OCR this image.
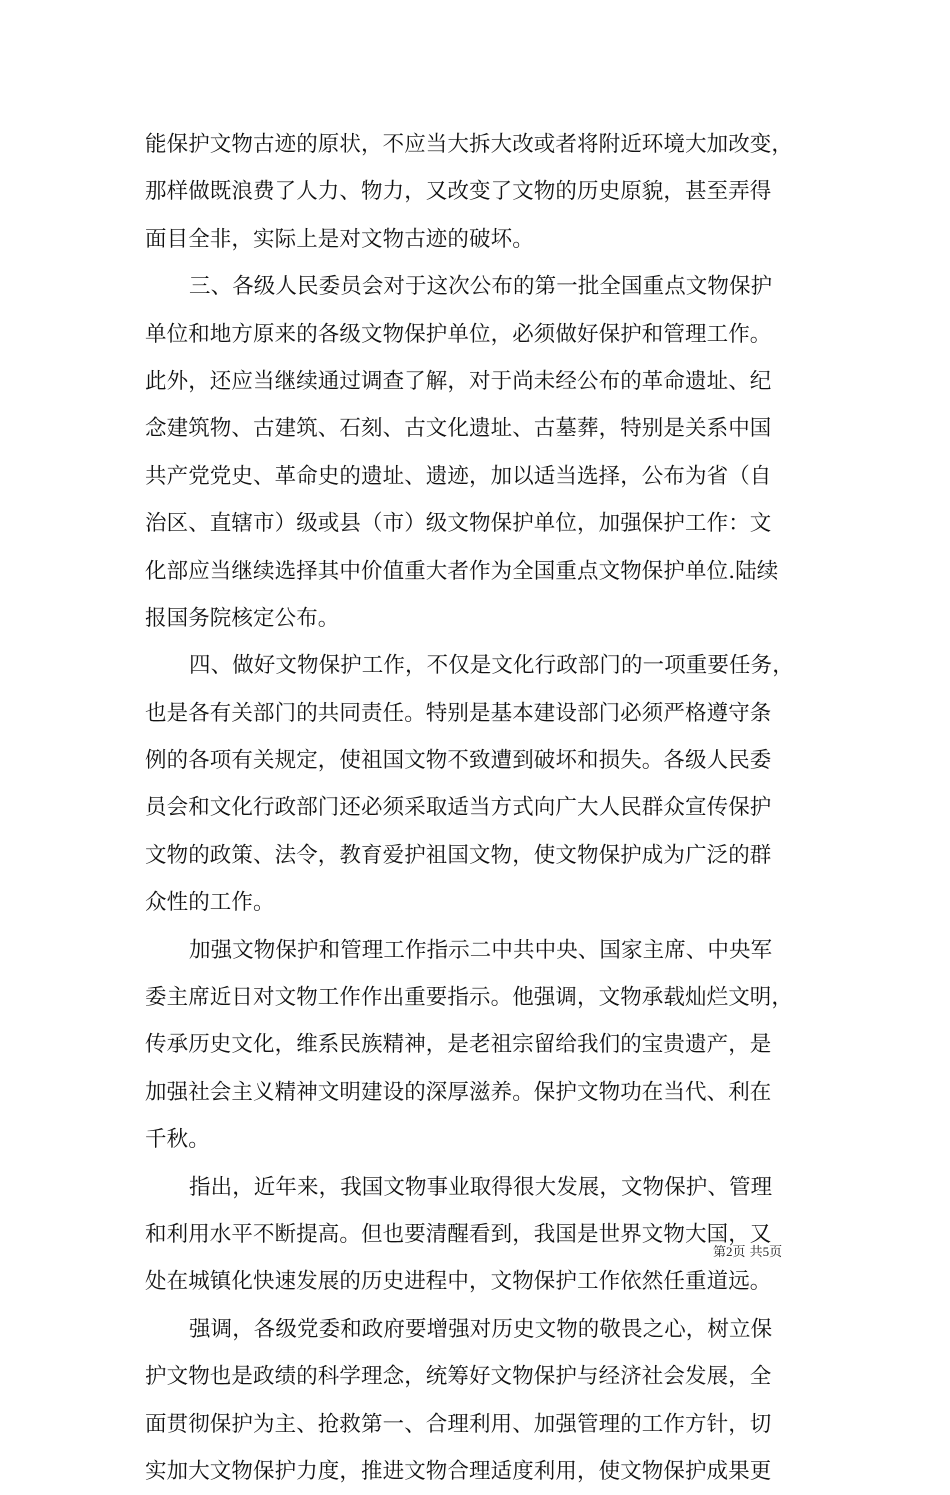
能保护文物古迹的原状，不应当大拆大改或者将附近环境大加改变，
那样做既浪费了人力、物力，又改变了文物的历史原貌，甚至弄得
面目全非，实际上是对文物古迹的破坏。
三、各级人民委员会对于这次公布的第一批全国重点文物保护
单位和地方原来的各级文物保护单位，必须做好保护和管理工作。
此外，还应当继续通过调查了解，对于尚未经公布的革命遗址、纪
念建筑物、古建筑、石刻、古文化遗址、古墓葬，特别是关系中国
共产党党史、革命史的遗址、遗迹，加以适当选择，公布为省（自
治区、直辖市）级或县（市）级文物保护单位，加强保护工作：文
化部应当继续选择其中价值重大者作为全国重点文物保护单位.陆续
报国务院核定公布。
四、做好文物保护工作，不仅是文化行政部门的一项重要任务，
也是各有关部门的共同责任。特别是基本建设部门必须严格遵守条
例的各项有关规定，使祖国文物不致遭到破坏和损失。各级人民委
员会和文化行政部门还必须采取适当方式向广大人民群众宣传保护
文物的政策、法令，教育爱护祖国文物，使文物保护成为广泛的群
众性的工作。
加强文物保护和管理工作指示二中共中央、国家主席、中央军
委主席近日对文物工作作出重要指示。他强调，文物承载灿烂文明，
传承历史文化，维系民族精神，是老祖宗留给我们的宝贵遗产，是
加强社会主义精神文明建设的深厚滋养。保护文物功在当代、利在
千秋。
指出，近年来，我国文物事业取得很大发展，文物保护、管理
和利用水平不断提高。但也要清醒看到，我国是世界文物大国，又
处在城镇化快速发展的历史进程中，文物保护工作依然任重道远。
强调，各级党委和政府要增强对历史文物的敬畏之心，树立保
护文物也是政绩的科学理念，统筹好文物保护与经济社会发展，全
面贯彻保护为主、抢救第一、合理利用、加强管理的工作方针，切
实加大文物保护力度，推进文物合理适度利用，使文物保护成果更
第2页 共5页
